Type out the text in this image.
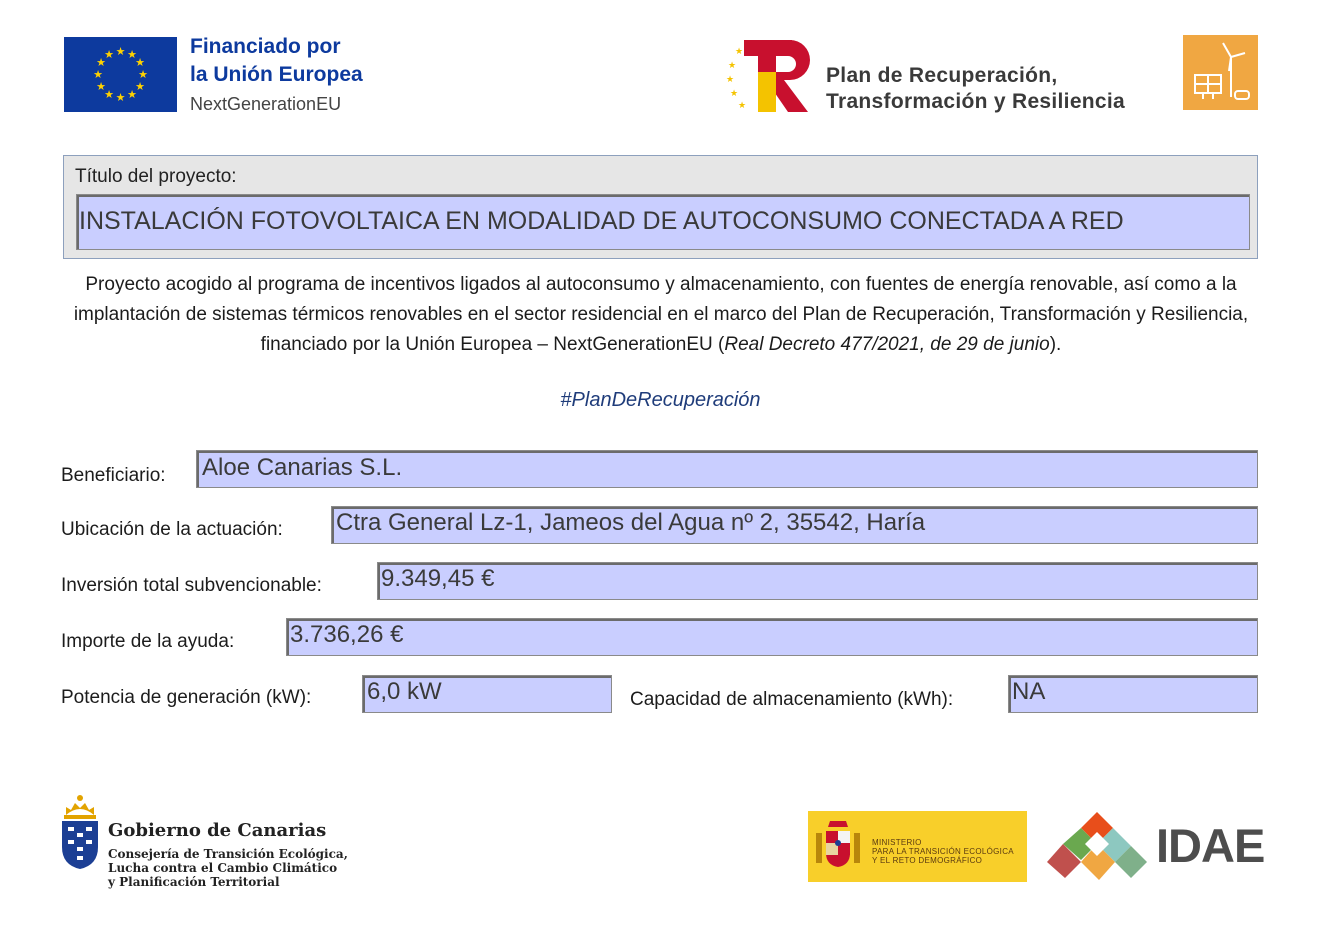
★ ★
★
★
★
★
★
★
★
★
★
★	Financiado por
la Unión Europea
NextGenerationEU
★
★
★
★
★
Plan de Recuperación,
Transformación y Resiliencia
Título del proyecto:
INSTALACIÓN FOTOVOLTAICA EN MODALIDAD DE AUTOCONSUMO CONECTADA A RED
Proyecto acogido al programa de incentivos ligados al autoconsumo y almacenamiento, con fuentes de energía renovable, así como a la implantación de sistemas térmicos renovables en el sector residencial en el marco del Plan de Recuperación, Transformación y Resiliencia, financiado por la Unión Europea – NextGenerationEU (Real Decreto 477/2021, de 29 de junio).
#PlanDeRecuperación
Beneficiario: Aloe Canarias S.L.
Ubicación de la actuación: Ctra General Lz-1, Jameos del Agua nº 2, 35542, Haría
Inversión total subvencionable: 9.349,45 €
Importe de la ayuda: 3.736,26 €
Potencia de generación (kW): 6,0 kW	Capacidad de almacenamiento (kWh): NA
Gobierno de Canarias
Consejería de Transición Ecológica,
Lucha contra el Cambio Climático
y Planificación Territorial
MINISTERIO
PARA LA TRANSICIÓN ECOLÓGICA
Y EL RETO DEMOGRÁFICO	IDAE
